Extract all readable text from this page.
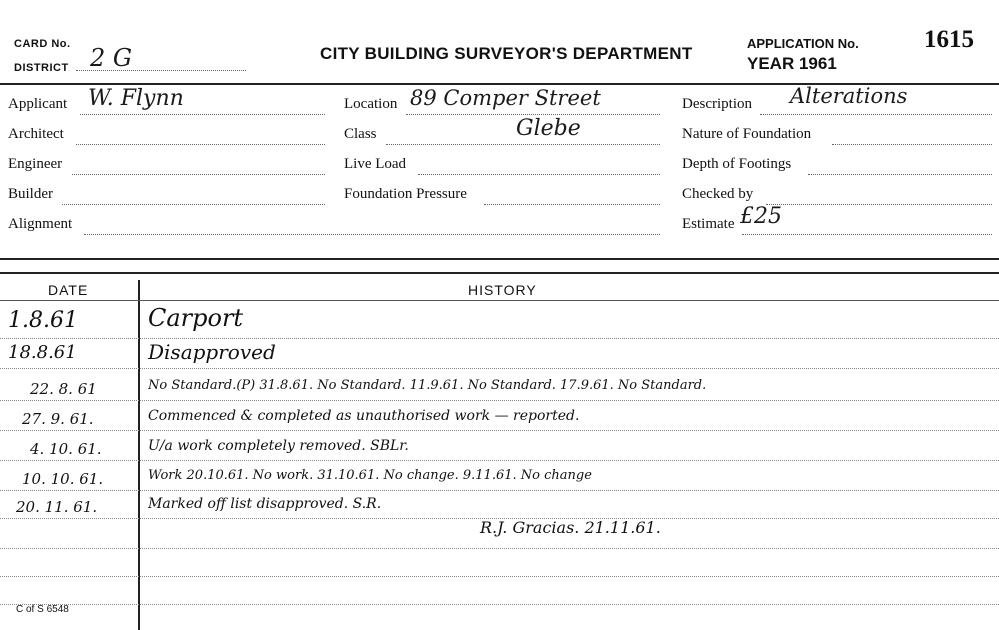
CARD No.
DISTRICT 2 G	CITY BUILDING SURVEYOR'S DEPARTMENT
APPLICATION No.
YEAR 1961
1615
Applicant W. Flynn
Architect
Engineer
Builder
Alignment
Location 89 Comper Street
Class	Glebe
Live Load
Foundation Pressure
Description Alterations
Nature of Foundation
Depth of Footings
Checked by
Estimate £25
DATE	HISTORY
1.8.61	Carport
18.8.61	Disapproved
22. 8. 61	No Standard.(P) 31.8.61. No Standard. 11.9.61. No Standard. 17.9.61. No Standard.
27. 9. 61.	Commenced & completed as unauthorised work — reported.
4. 10. 61.	U/a work completely removed. SBLr.
10. 10. 61.	Work 20.10.61. No work. 31.10.61. No change. 9.11.61. No change
20. 11. 61.	Marked off list disapproved. S.R.
R.J. Gracias. 21.11.61.
C of S 6548
